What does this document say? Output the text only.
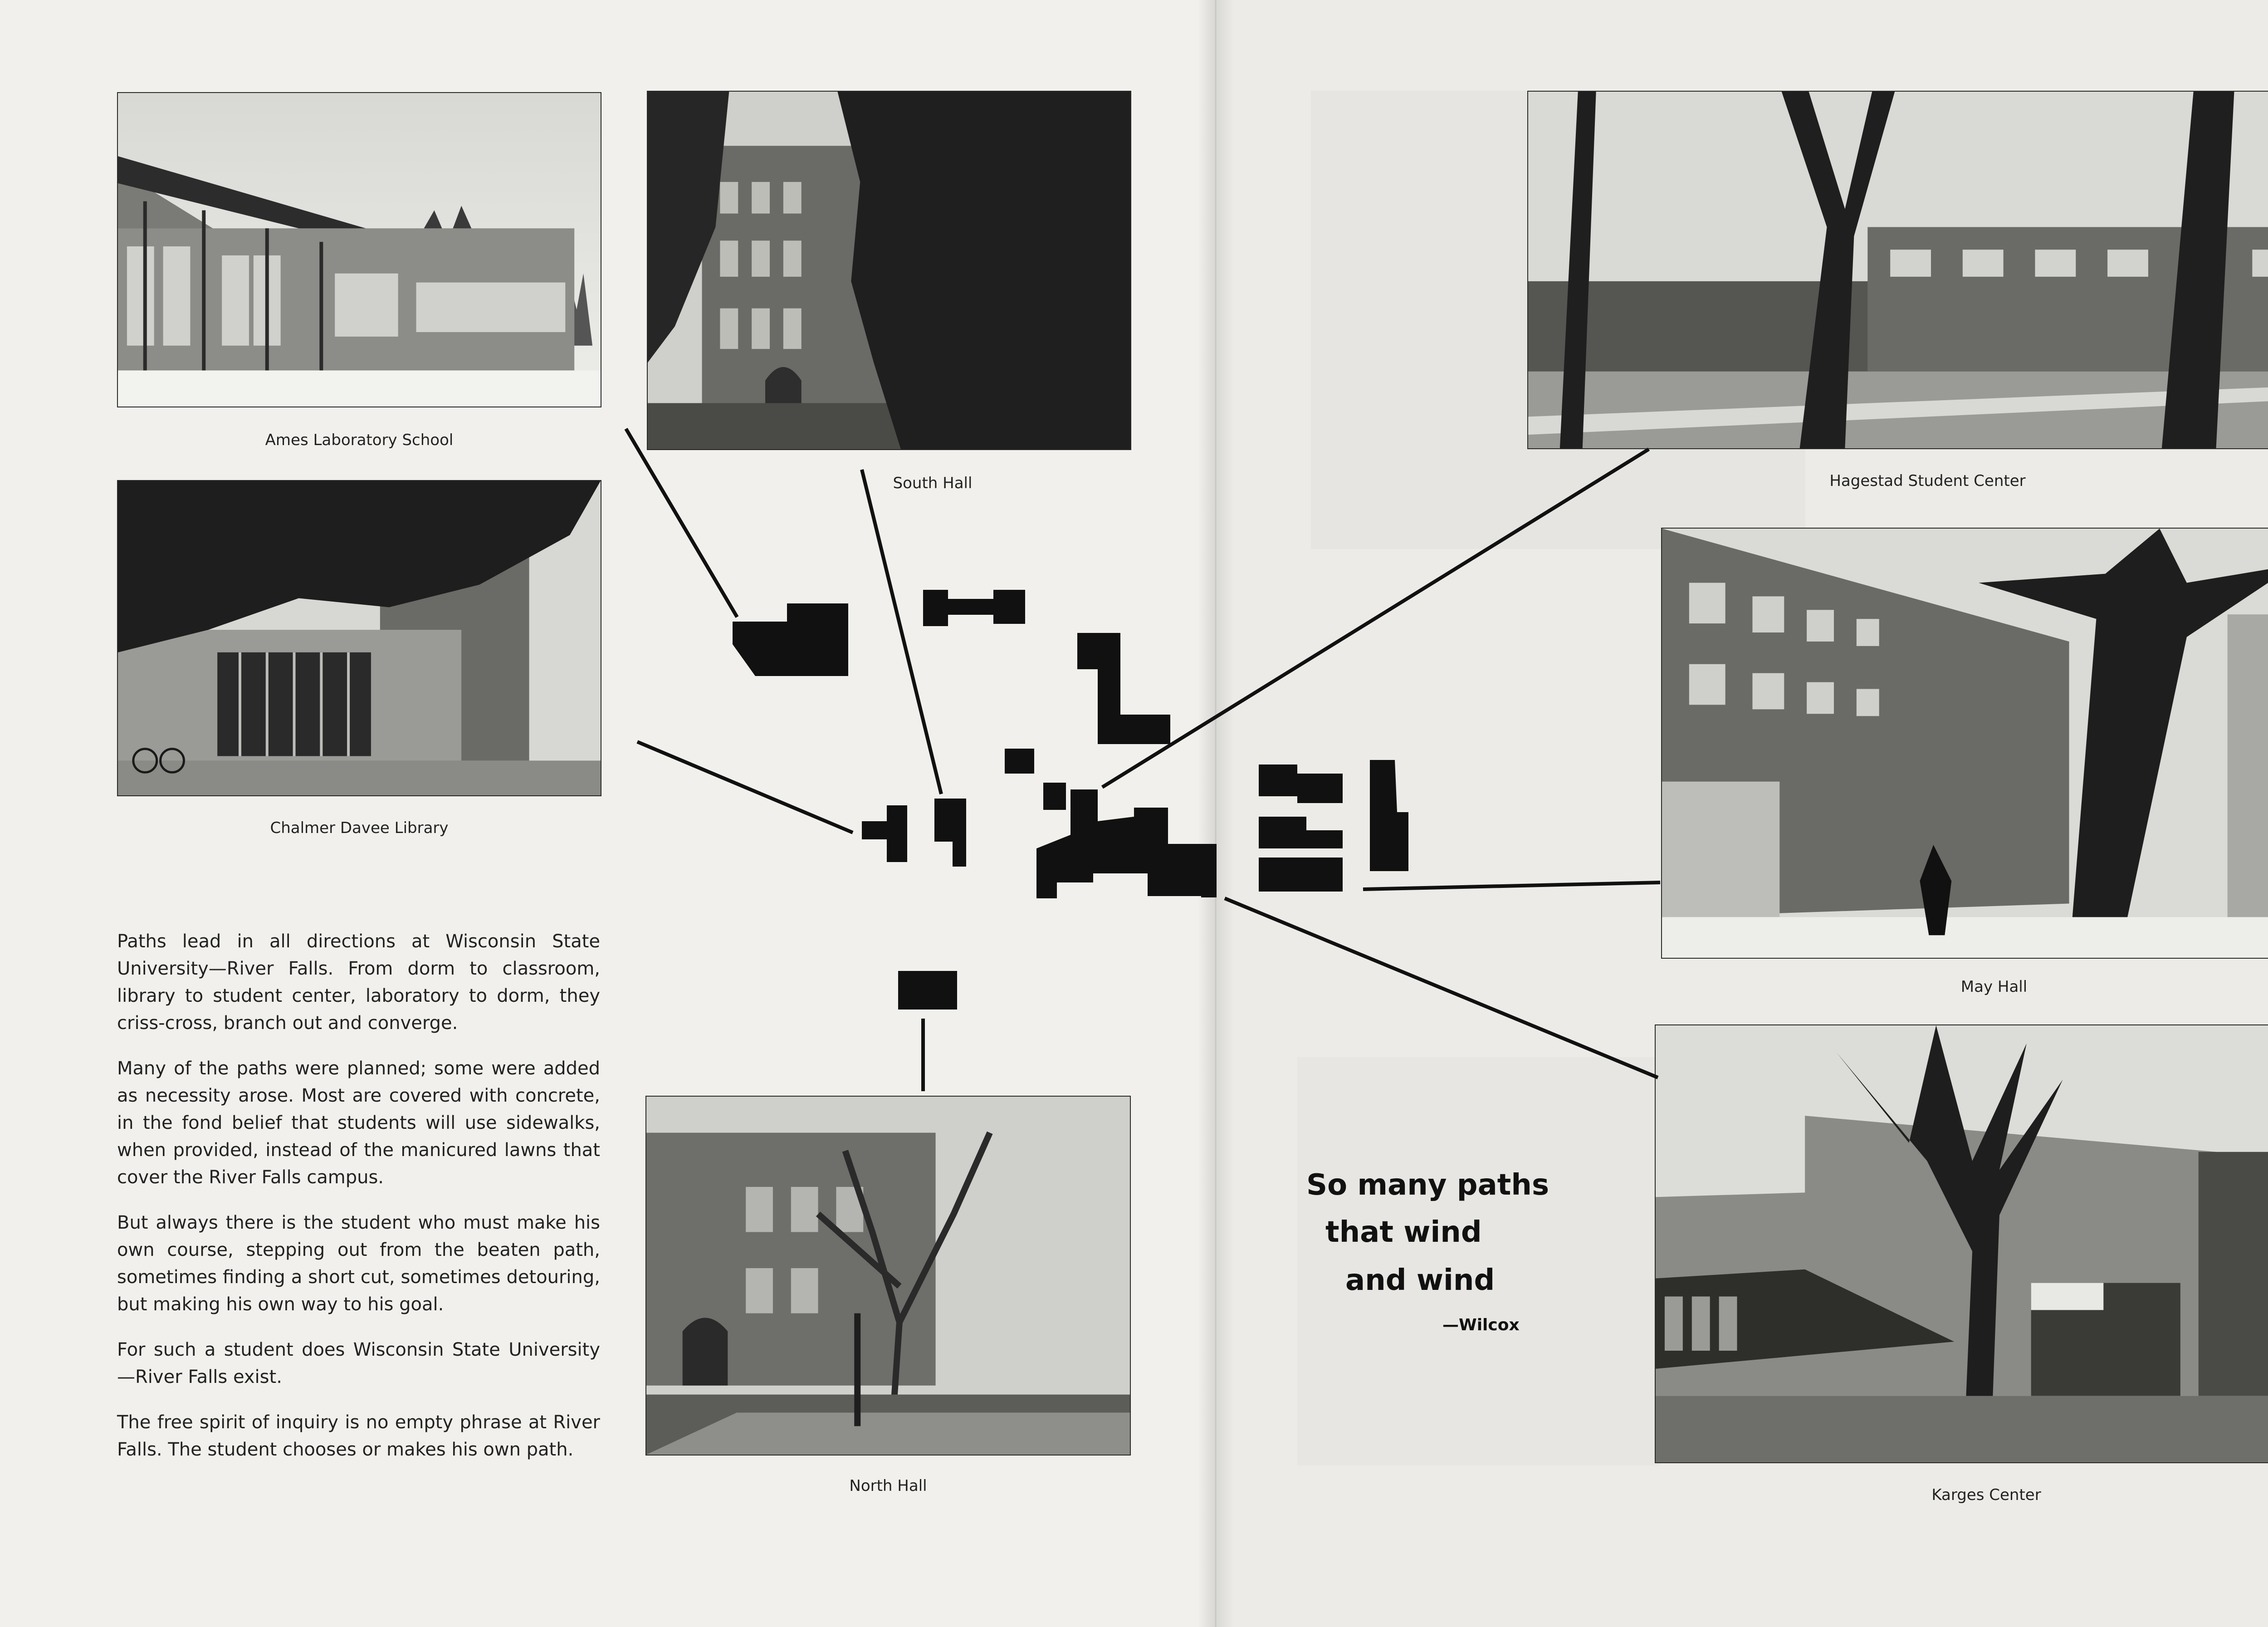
Ames Laboratory School
South Hall
Chalmer Davee Library
North Hall
Hagestad Student Center
May Hall
Karges Center

Paths lead in all directions at Wisconsin State University—River Falls. From dorm to classroom, library to student center, laboratory to dorm, they criss-cross, branch out and converge.

Many of the paths were planned; some were added as necessity arose. Most are covered with concrete, in the fond belief that students will use sidewalks, when provided, instead of the manicured lawns that cover the River Falls campus.

But always there is the student who must make his own course, stepping out from the beaten path, sometimes finding a short cut, sometimes detouring, but making his own way to his goal.

For such a student does Wisconsin State University—River Falls exist.

The free spirit of inquiry is no empty phrase at River Falls. The student chooses or makes his own path.

So many paths
that wind
and wind
—Wilcox
